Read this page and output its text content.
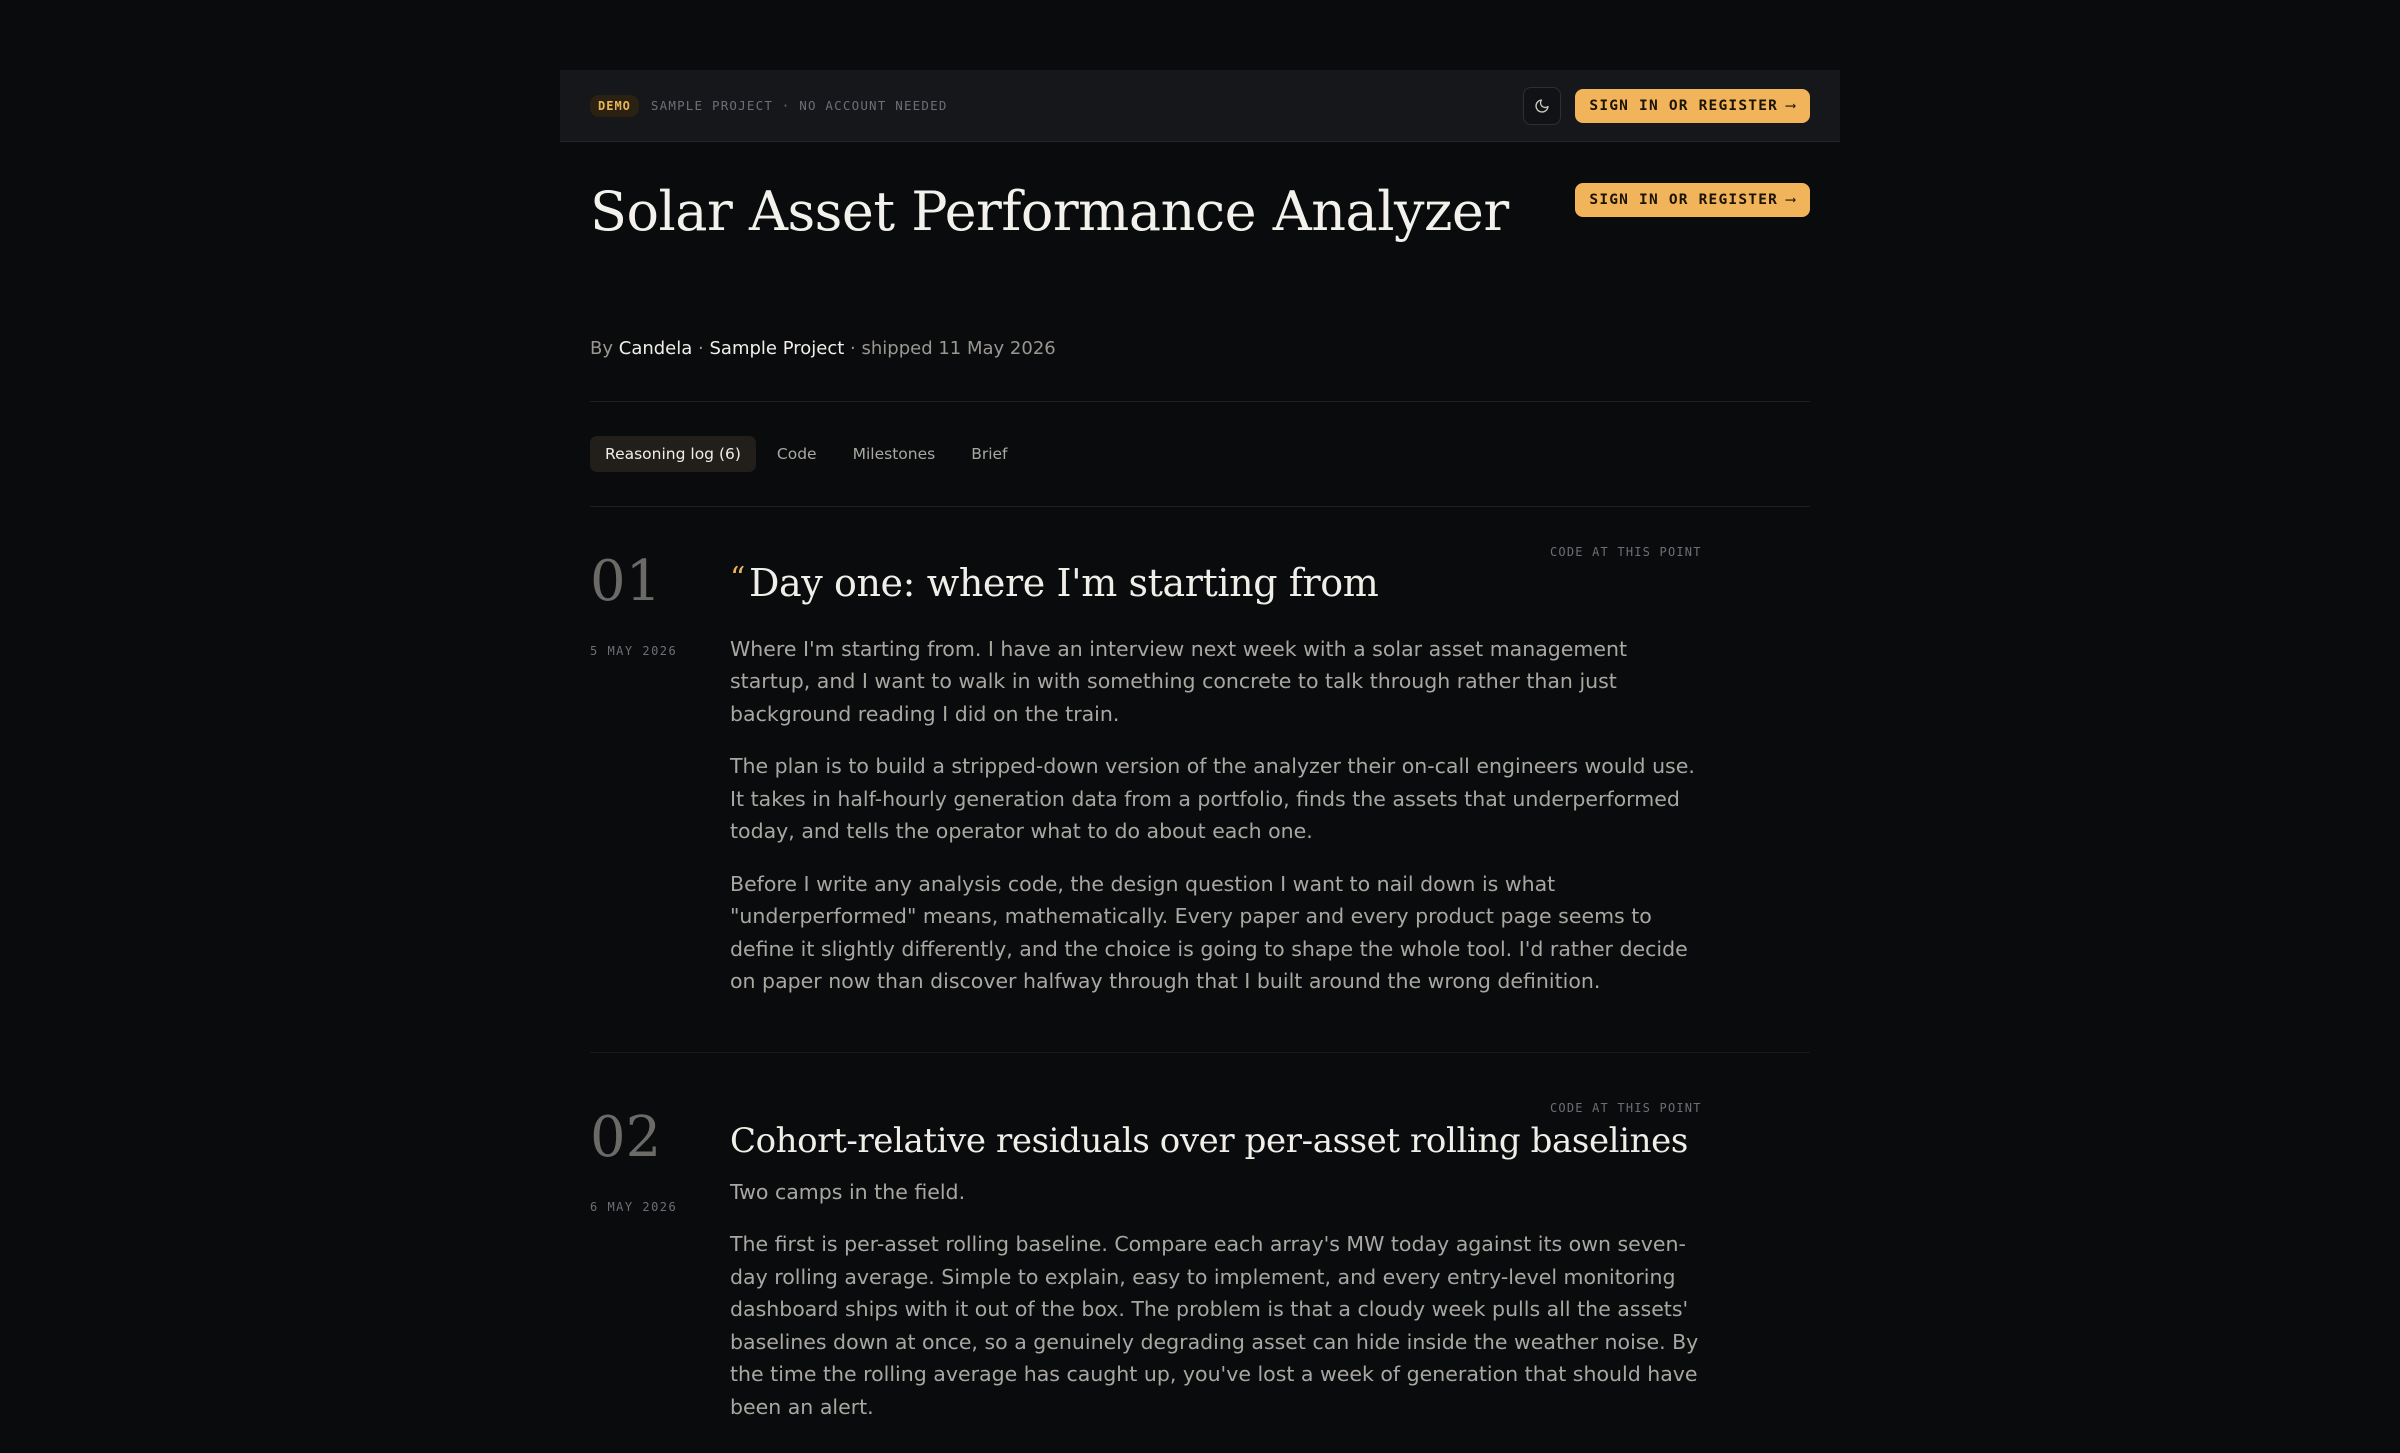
DEMO	SAMPLE PROJECT · NO ACCOUNT NEEDED	SIGN IN OR REGISTER ⟶
Solar Asset Performance Analyzer	SIGN IN OR REGISTER ⟶
By Candela · Sample Project · shipped 11 May 2026
Reasoning log (6)	Code	Milestones	Brief
01
5 MAY 2026
CODE AT THIS POINT
“ Day one: where I'm starting from

Where I'm starting from. I have an interview next week with a solar asset management startup, and I want to walk in with something concrete to talk through rather than just background reading I did on the train.

The plan is to build a stripped-down version of the analyzer their on-call engineers would use. It takes in half-hourly generation data from a portfolio, finds the assets that underperformed today, and tells the operator what to do about each one.

Before I write any analysis code, the design question I want to nail down is what "underperformed" means, mathematically. Every paper and every product page seems to define it slightly differently, and the choice is going to shape the whole tool. I'd rather decide on paper now than discover halfway through that I built around the wrong definition.

02
6 MAY 2026
CODE AT THIS POINT
Cohort-relative residuals over per-asset rolling baselines

Two camps in the field.

The first is per-asset rolling baseline. Compare each array's MW today against its own seven-day rolling average. Simple to explain, easy to implement, and every entry-level monitoring dashboard ships with it out of the box. The problem is that a cloudy week pulls all the assets' baselines down at once, so a genuinely degrading asset can hide inside the weather noise. By the time the rolling average has caught up, you've lost a week of generation that should have been an alert.
